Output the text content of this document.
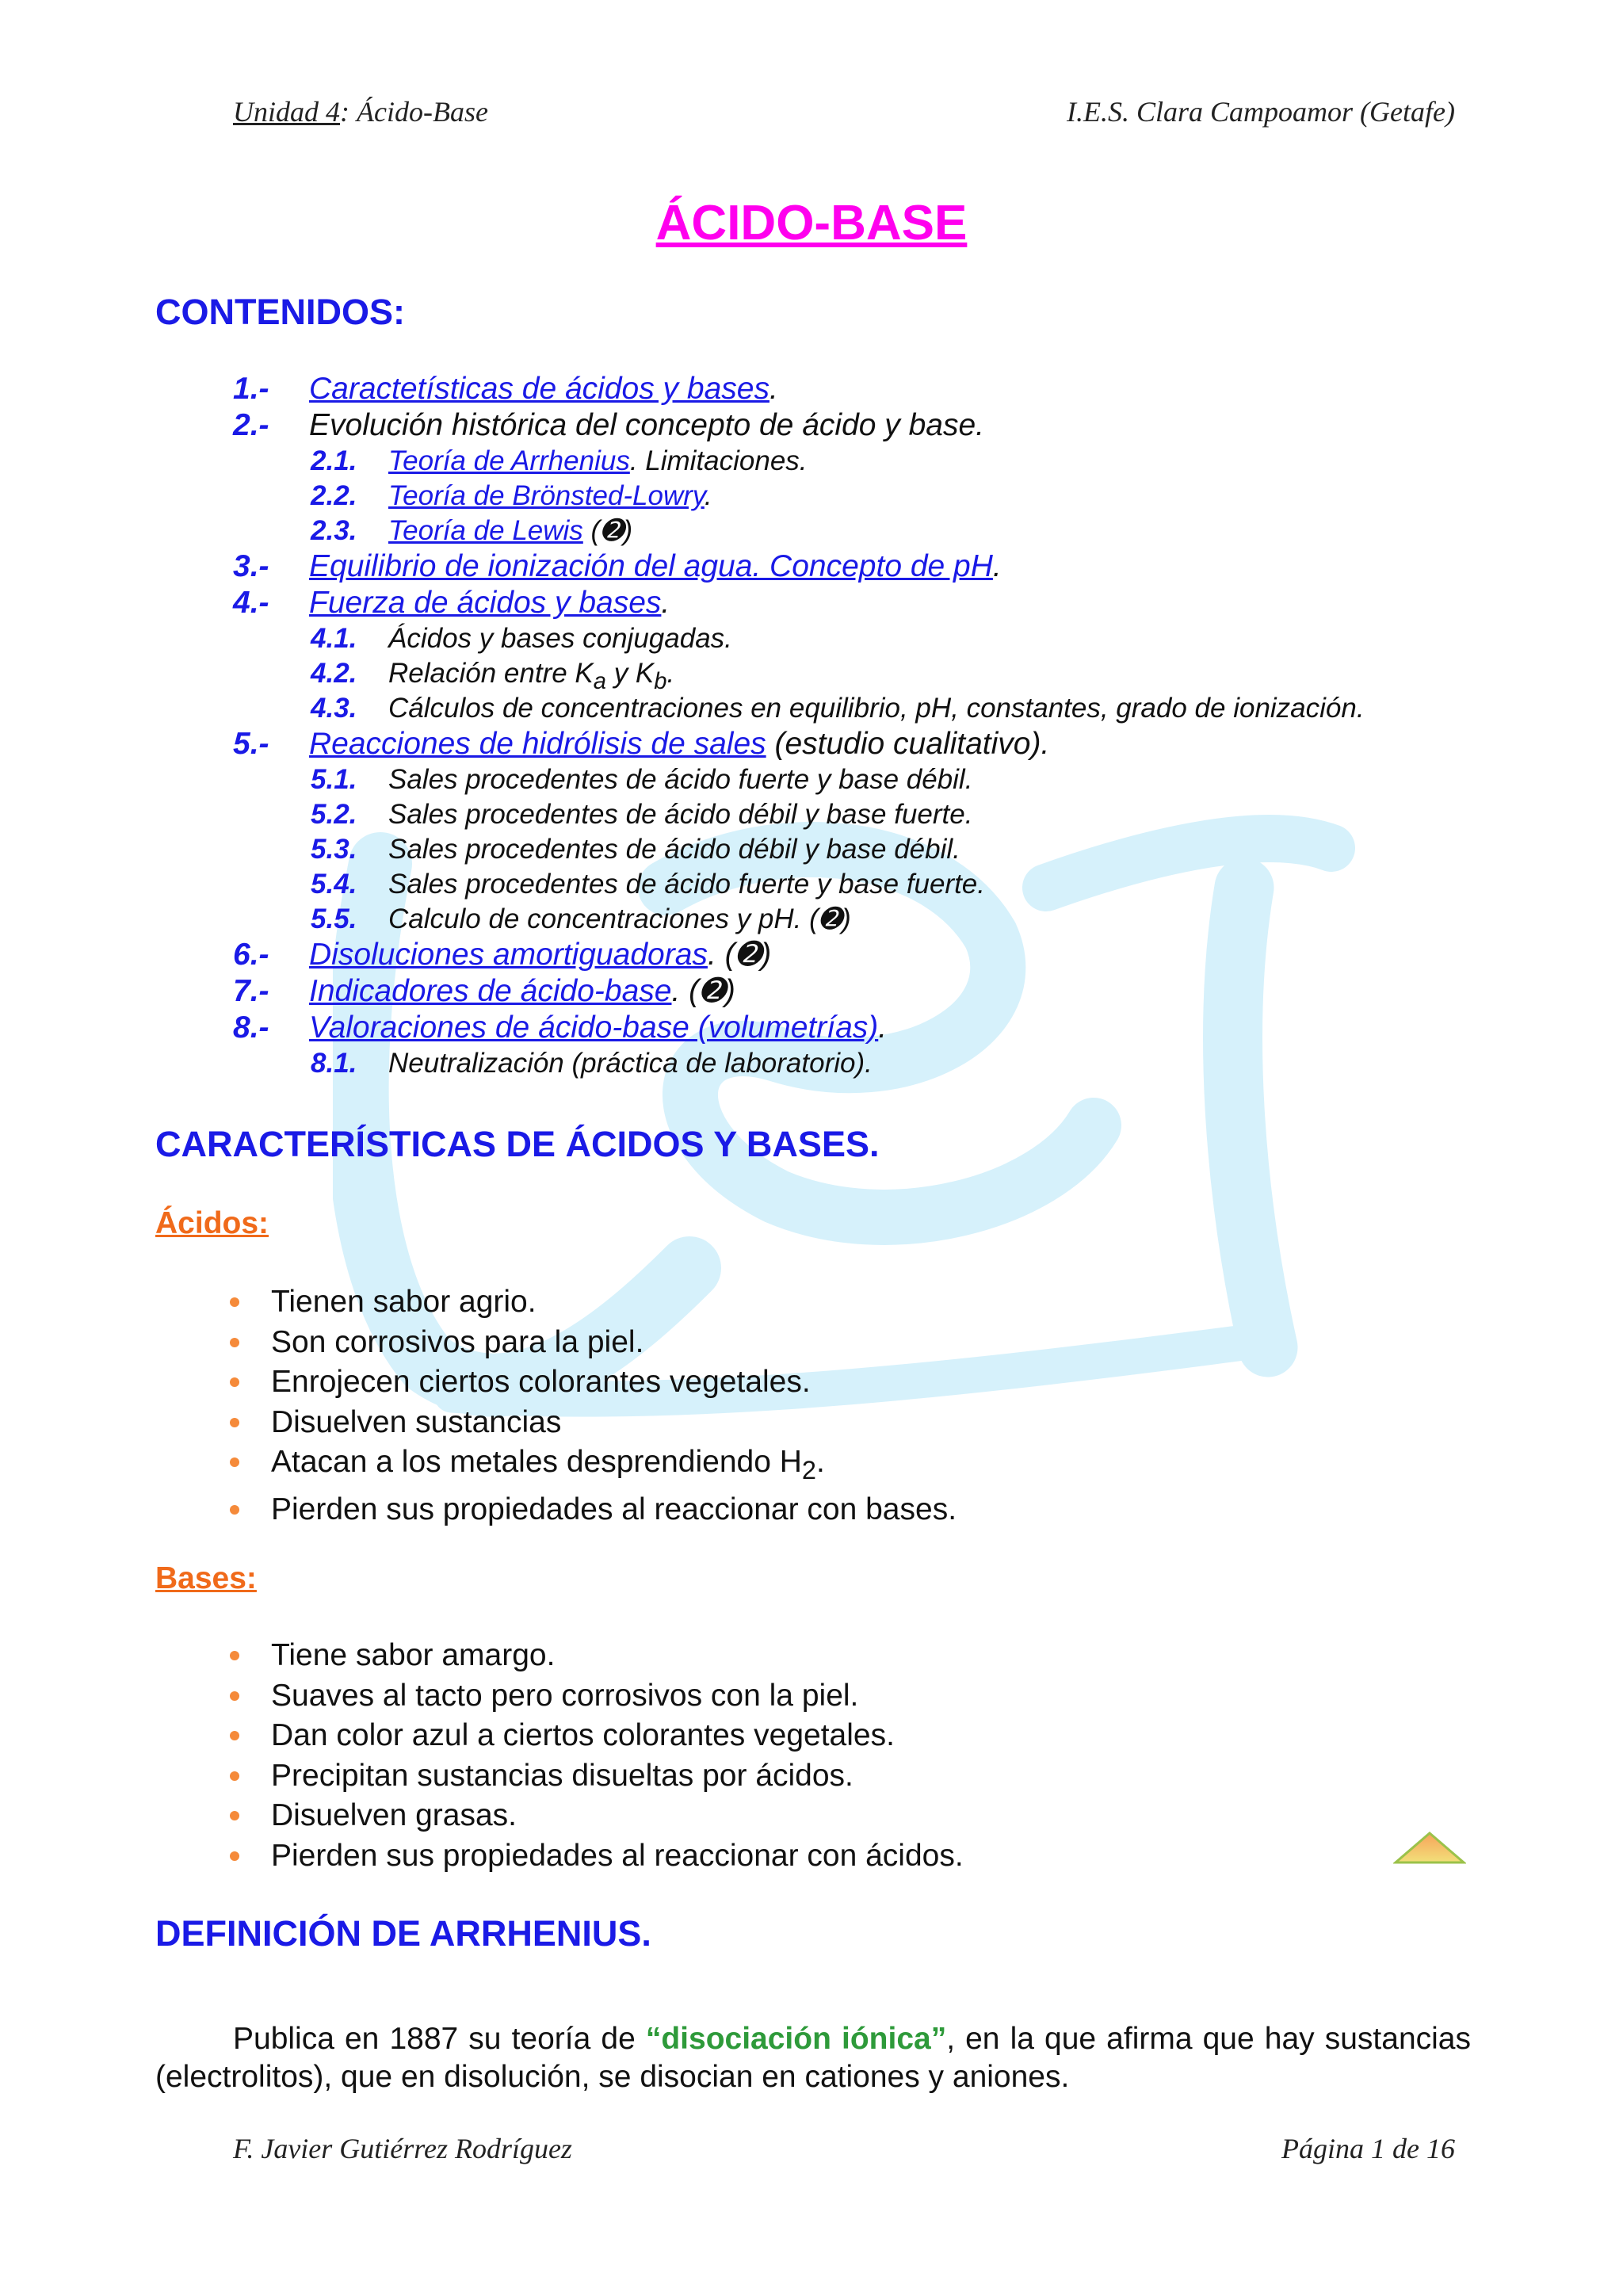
Unidad 4: Ácido-Base	I.E.S. Clara Campoamor (Getafe)
ÁCIDO-BASE
CONTENIDOS:
1.- Caractetísticas de ácidos y bases.
2.- Evolución histórica del concepto de ácido y base.
2.1. Teoría de Arrhenius. Limitaciones.
2.2. Teoría de Brönsted-Lowry.
2.3. Teoría de Lewis (➋)
3.- Equilibrio de ionización del agua. Concepto de pH.
4.- Fuerza de ácidos y bases.
4.1. Ácidos y bases conjugadas.
4.2. Relación entre $K_a$ y $K_b$.
4.3. Cálculos de concentraciones en equilibrio, pH, constantes, grado de ionización.
5.- Reacciones de hidrólisis de sales (estudio cualitativo).
5.1. Sales procedentes de ácido fuerte y base débil.
5.2. Sales procedentes de ácido débil y base fuerte.
5.3. Sales procedentes de ácido débil y base débil.
5.4. Sales procedentes de ácido fuerte y base fuerte.
5.5. Calculo de concentraciones y pH. (➋)
6.- Disoluciones amortiguadoras. (➋)
7.- Indicadores de ácido-base. (➋)
8.- Valoraciones de ácido-base (volumetrías).
8.1. Neutralización (práctica de laboratorio).
CARACTERÍSTICAS DE ÁCIDOS Y BASES.
Ácidos:
Tienen sabor agrio.
Son corrosivos para la piel.
Enrojecen ciertos colorantes vegetales.
Disuelven sustancias
Atacan a los metales desprendiendo $H_2$.
Pierden sus propiedades al reaccionar con bases.
Bases:
Tiene sabor amargo.
Suaves al tacto pero corrosivos con la piel.
Dan color azul a ciertos colorantes vegetales.
Precipitan sustancias disueltas por ácidos.
Disuelven grasas.
Pierden sus propiedades al reaccionar con ácidos.
DEFINICIÓN DE ARRHENIUS.

Publica en 1887 su teoría de “disociación iónica”, en la que afirma que hay sustancias (electrolitos), que en disolución, se disocian en cationes y aniones.

F. Javier Gutiérrez Rodríguez	Página 1 de 16
